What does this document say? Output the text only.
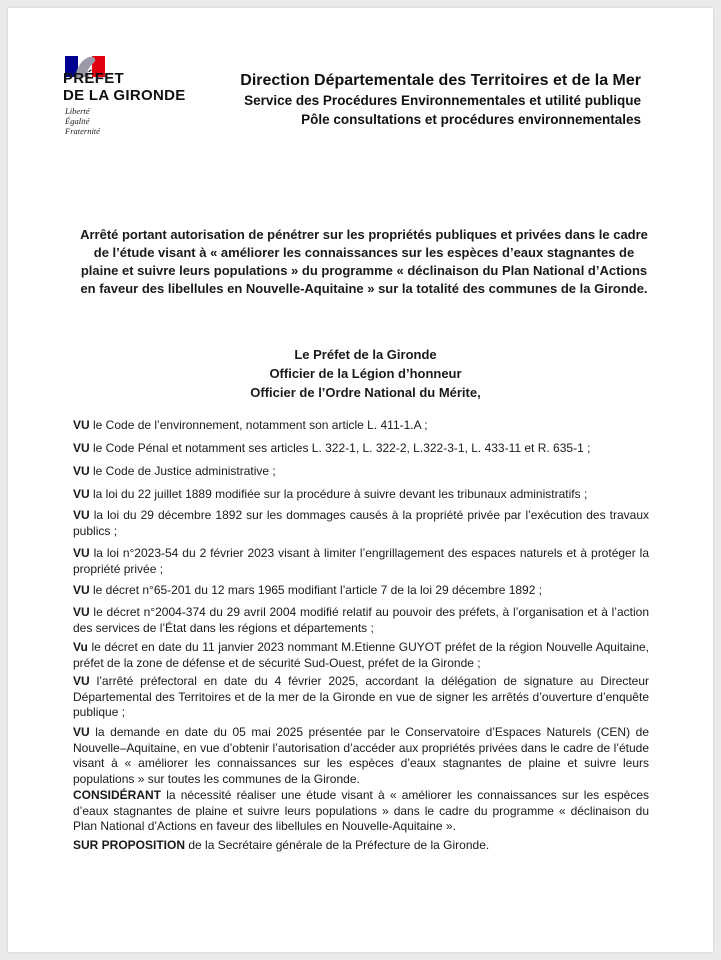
PRÉFET
DE LA GIRONDE
Liberté
Égalité
Fraternité
Direction Départementale des Territoires et de la Mer
Service des Procédures Environnementales et utilité publique
Pôle consultations et procédures environnementales
Arrêté portant autorisation de pénétrer sur les propriétés publiques et privées dans le cadre de l’étude visant à « améliorer les connaissances sur les espèces d’eaux stagnantes de plaine et suivre leurs populations » du programme « déclinaison du Plan National d’Actions en faveur des libellules en Nouvelle-Aquitaine » sur la totalité des communes de la Gironde.
Le Préfet de la Gironde
Officier de la Légion d’honneur
Officier de l’Ordre National du Mérite,

VU le Code de l’environnement, notamment son article L. 411-1.A ;

VU le Code Pénal et notamment ses articles L. 322-1, L. 322-2, L.322-3-1, L. 433-11 et R. 635-1 ;

VU le Code de Justice administrative ;

VU la loi du 22 juillet 1889 modifiée sur la procédure à suivre devant les tribunaux administratifs ;

VU la loi du 29 décembre 1892 sur les dommages causés à la propriété privée par l’exécution des travaux publics ;

VU la loi n°2023-54 du 2 février 2023 visant à limiter l’engrillagement des espaces naturels et à protéger la propriété privée ;

VU le décret n°65-201 du 12 mars 1965 modifiant l’article 7 de la loi 29 décembre 1892 ;

VU le décret n°2004-374 du 29 avril 2004 modifié relatif au pouvoir des préfets, à l’organisation et à l’action des services de l’État dans les régions et départements ;

Vu le décret en date du 11 janvier 2023 nommant M.Etienne GUYOT préfet de la région Nouvelle Aquitaine, préfet de la zone de défense et de sécurité Sud-Ouest, préfet de la Gironde ;

VU l’arrêté préfectoral en date du 4 février 2025, accordant la délégation de signature au Directeur Départemental des Territoires et de la mer de la Gironde en vue de signer les arrêtés d’ouverture d’enquête publique ;

VU la demande en date du 05 mai 2025 présentée par le Conservatoire d’Espaces Naturels (CEN) de Nouvelle–Aquitaine, en vue d’obtenir l’autorisation d’accéder aux propriétés privées dans le cadre de l’étude visant à « améliorer les connaissances sur les espèces d’eaux stagnantes de plaine et suivre leurs populations » sur toutes les communes de la Gironde.

CONSIDÉRANT la nécessité réaliser une étude visant à « améliorer les connaissances sur les espèces d’eaux stagnantes de plaine et suivre leurs populations » dans le cadre du programme « déclinaison du Plan National d’Actions en faveur des libellules en Nouvelle-Aquitaine ».

SUR PROPOSITION de la Secrétaire générale de la Préfecture de la Gironde.
